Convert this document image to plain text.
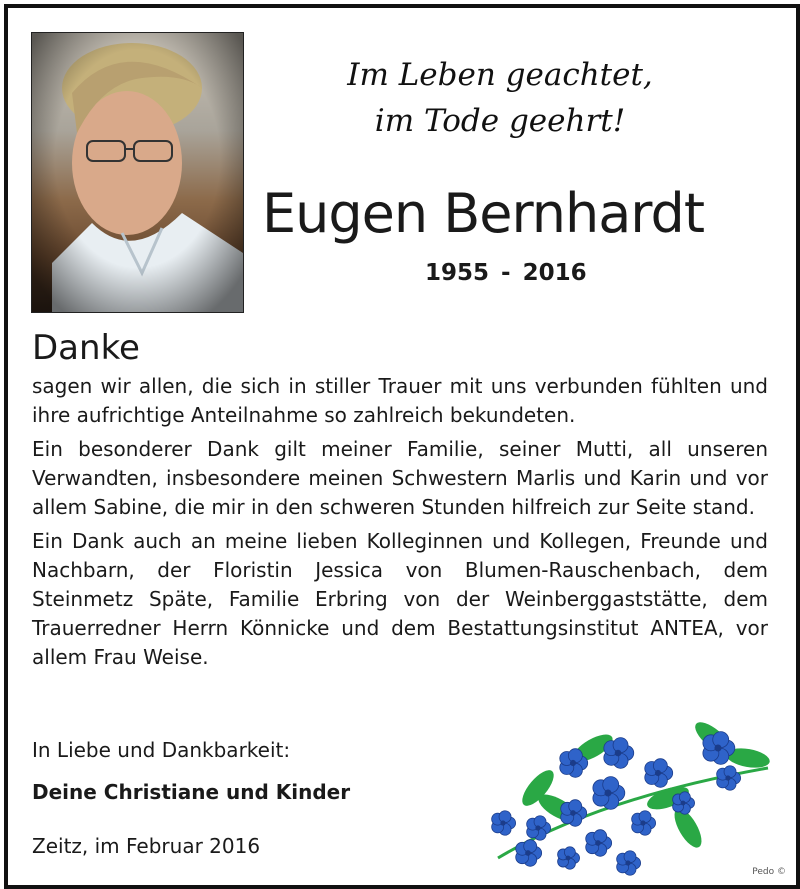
Im Leben geachtet,
im Tode geehrt!
Eugen Bernhardt
1955 - 2016
Danke

sagen wir allen, die sich in stiller Trauer mit uns verbunden fühlten und ihre aufrichtige Anteilnahme so zahlreich bekundeten.

Ein besonderer Dank gilt meiner Familie, seiner Mutti, all unseren Verwandten, insbesondere meinen Schwestern Marlis und Karin und vor allem Sabine, die mir in den schweren Stunden hilfreich zur Seite stand.

Ein Dank auch an meine lieben Kolleginnen und Kollegen, Freunde und Nachbarn, der Floristin Jessica von Blumen-Rauschenbach, dem Steinmetz Späte, Familie Erbring von der Weinberggaststätte, dem Trauerredner Herrn Könnicke und dem Bestattungsinstitut ANTEA, vor allem Frau Weise.

In Liebe und Dankbarkeit:
Deine Christiane und Kinder
Zeitz, im Februar 2016
Pedo ©
